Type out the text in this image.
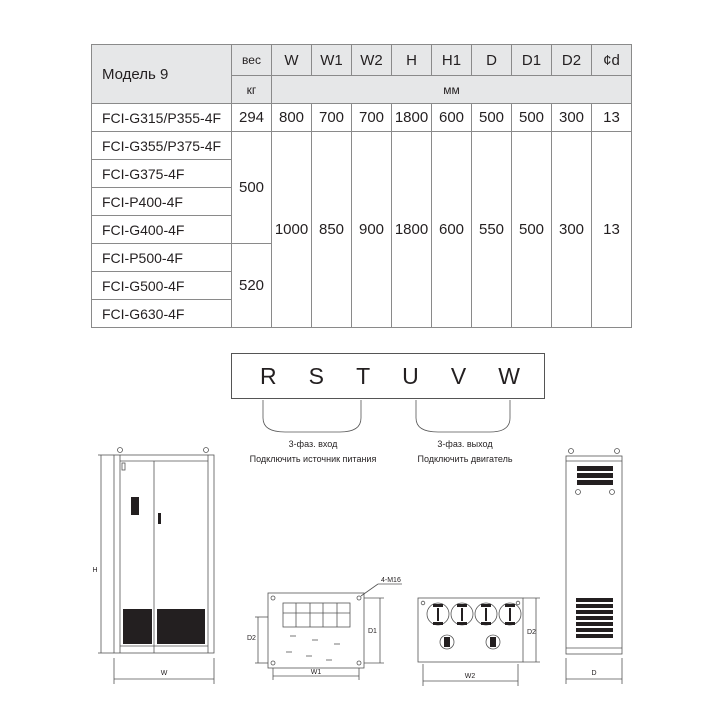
Модель 9	вес	W	W1	W2	H	H1	D	D1	D2	¢d
	кг	мм								
FCI-G315/P355-4F	294	800	700	700	1800	600	500	500	300	13
FCI-G355/P375-4F	500	1000	850	900	1800	600	550	500	300	13
FCI-G375-4F										
FCI-P400-4F										
FCI-G400-4F										
FCI-P500-4F	520									
FCI-G500-4F										
FCI-G630-4F										
R S T U V W
3-фаз. вход
Подключить источник питания
3-фаз. выход
Подключить двигатель
H
W
D2
D1
W1
4-M16
D2
W2	D
